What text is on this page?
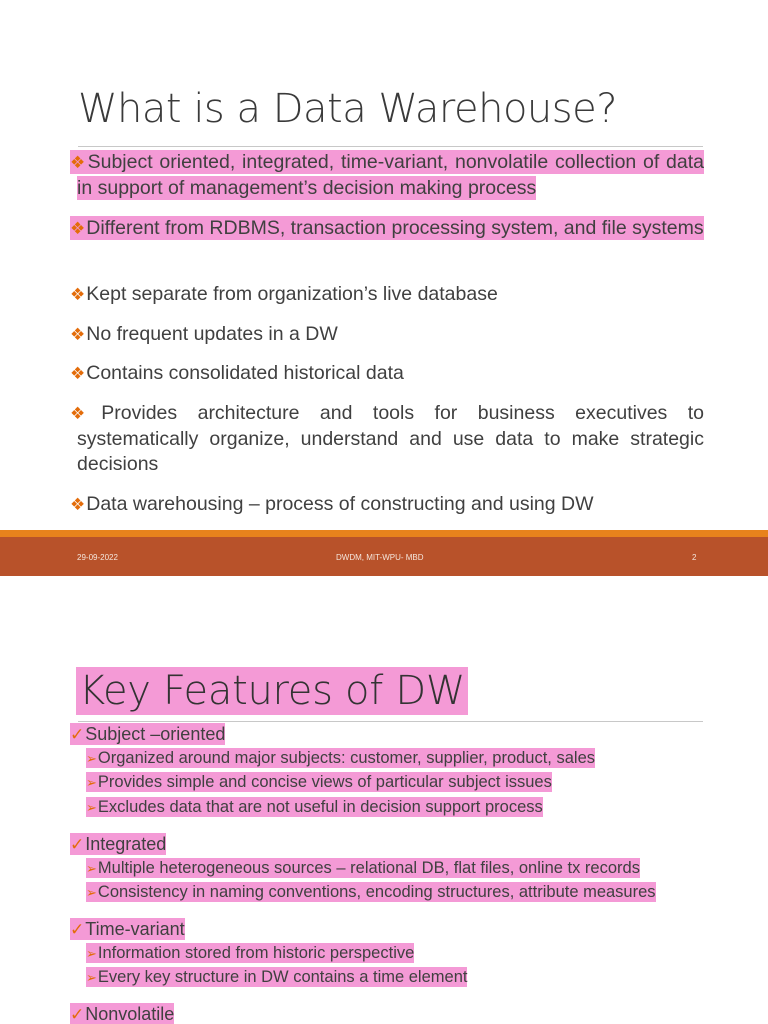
What is a Data Warehouse?
❖Subject oriented, integrated, time-variant, nonvolatile collection of data in support of management’s decision making process
❖Different from RDBMS, transaction processing system, and file systems
❖Kept separate from organization’s live database
❖No frequent updates in a DW
❖Contains consolidated historical data
❖Provides architecture and tools for business executives to systematically organize, understand and use data to make strategic decisions
❖Data warehousing – process of constructing and using DW
29-09-2022	DWDM, MIT-WPU- MBD	2
Key Features of DW
✓Subject –oriented
➢Organized around major subjects: customer, supplier, product, sales
➢Provides simple and concise views of particular subject issues
➢Excludes data that are not useful in decision support process
✓Integrated
➢Multiple heterogeneous sources – relational DB, flat files, online tx records
➢Consistency in naming conventions, encoding structures, attribute measures
✓Time-variant
➢Information stored from historic perspective
➢Every key structure in DW contains a time element
✓Nonvolatile
